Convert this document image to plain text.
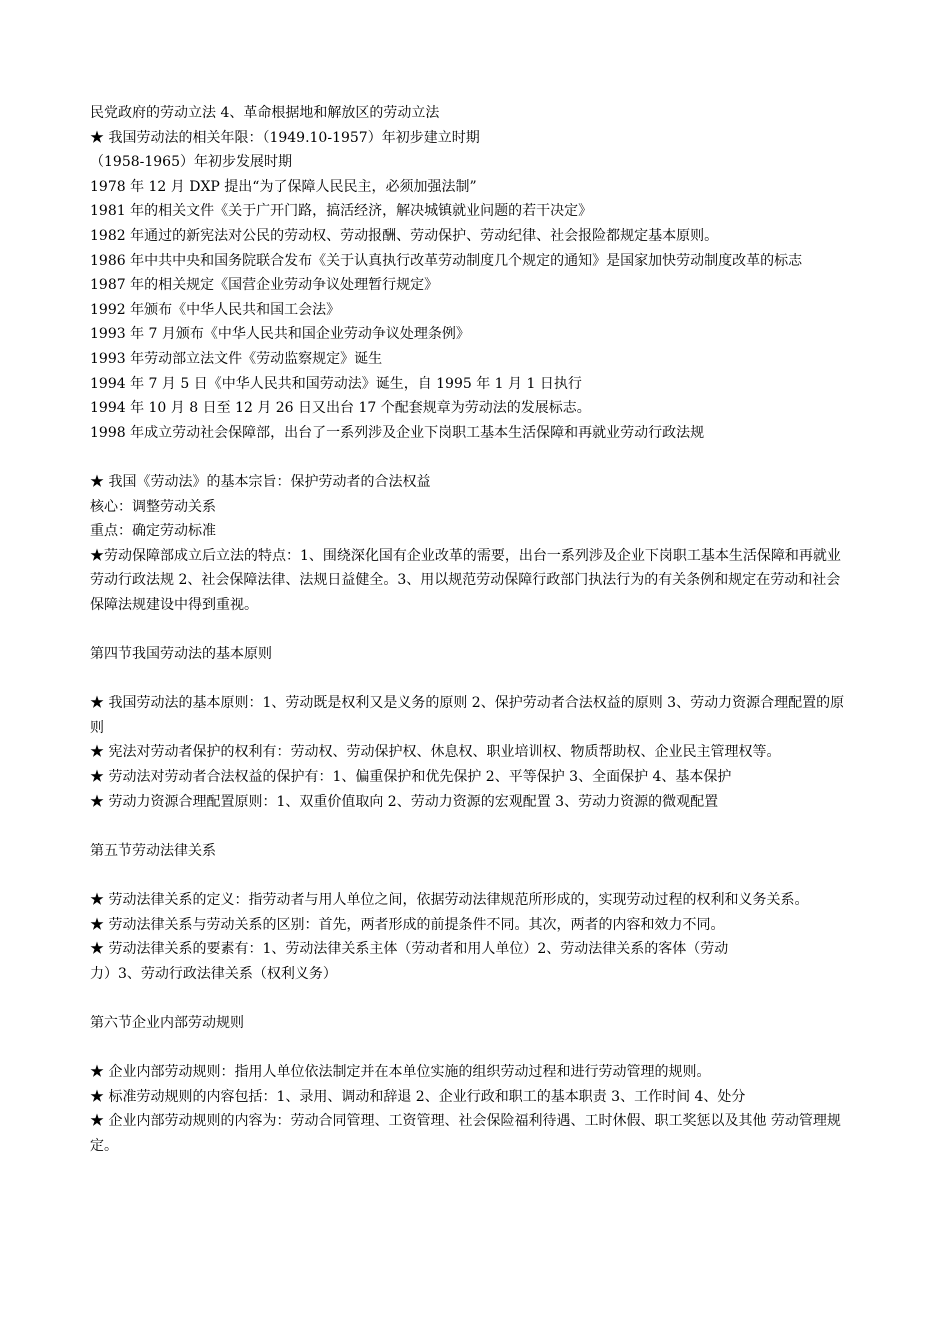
民党政府的劳动立法 4、革命根据地和解放区的劳动立法
★ 我国劳动法的相关年限：（1949.10-1957）年初步建立时期
（1958-1965）年初步发展时期
1978 年 12 月 DXP 提出“为了保障人民民主，必须加强法制”
1981 年的相关文件《关于广开门路，搞活经济，解决城镇就业问题的若干决定》
1982 年通过的新宪法对公民的劳动权、劳动报酬、劳动保护、劳动纪律、社会报险都规定基本原则。
1986 年中共中央和国务院联合发布《关于认真执行改革劳动制度几个规定的通知》是国家加快劳动制度改革的标志
1987 年的相关规定《国营企业劳动争议处理暂行规定》
1992 年颁布《中华人民共和国工会法》
1993 年 7 月颁布《中华人民共和国企业劳动争议处理条例》
1993 年劳动部立法文件《劳动监察规定》诞生
1994 年 7 月 5 日《中华人民共和国劳动法》诞生，自 1995 年 1 月 1 日执行
1994 年 10 月 8 日至 12 月 26 日又出台 17 个配套规章为劳动法的发展标志。
1998 年成立劳动社会保障部，出台了一系列涉及企业下岗职工基本生活保障和再就业劳动行政法规
★ 我国《劳动法》的基本宗旨：保护劳动者的合法权益
核心：调整劳动关系
重点：确定劳动标准
★劳动保障部成立后立法的特点：1、围绕深化国有企业改革的需要，出台一系列涉及企业下岗职工基本生活保障和再就业劳动行政法规 2、社会保障法律、法规日益健全。3、用以规范劳动保障行政部门执法行为的有关条例和规定在劳动和社会保障法规建设中得到重视。
第四节我国劳动法的基本原则
★ 我国劳动法的基本原则：1、劳动既是权利又是义务的原则 2、保护劳动者合法权益的原则 3、劳动力资源合理配置的原则
★ 宪法对劳动者保护的权利有：劳动权、劳动保护权、休息权、职业培训权、物质帮助权、企业民主管理权等。
★ 劳动法对劳动者合法权益的保护有：1、偏重保护和优先保护 2、平等保护 3、全面保护 4、基本保护
★ 劳动力资源合理配置原则：1、双重价值取向 2、劳动力资源的宏观配置 3、劳动力资源的微观配置
第五节劳动法律关系
★ 劳动法律关系的定义：指劳动者与用人单位之间，依据劳动法律规范所形成的，实现劳动过程的权利和义务关系。
★ 劳动法律关系与劳动关系的区别：首先，两者形成的前提条件不同。其次，两者的内容和效力不同。
★ 劳动法律关系的要素有：1、劳动法律关系主体（劳动者和用人单位）2、劳动法律关系的客体（劳动
力）3、劳动行政法律关系（权利义务）
第六节企业内部劳动规则
★ 企业内部劳动规则：指用人单位依法制定并在本单位实施的组织劳动过程和进行劳动管理的规则。
★ 标准劳动规则的内容包括：1、录用、调动和辞退 2、企业行政和职工的基本职责 3、工作时间 4、处分
★ 企业内部劳动规则的内容为：劳动合同管理、工资管理、社会保险福利待遇、工时休假、职工奖惩以及其他 劳动管理规定。
